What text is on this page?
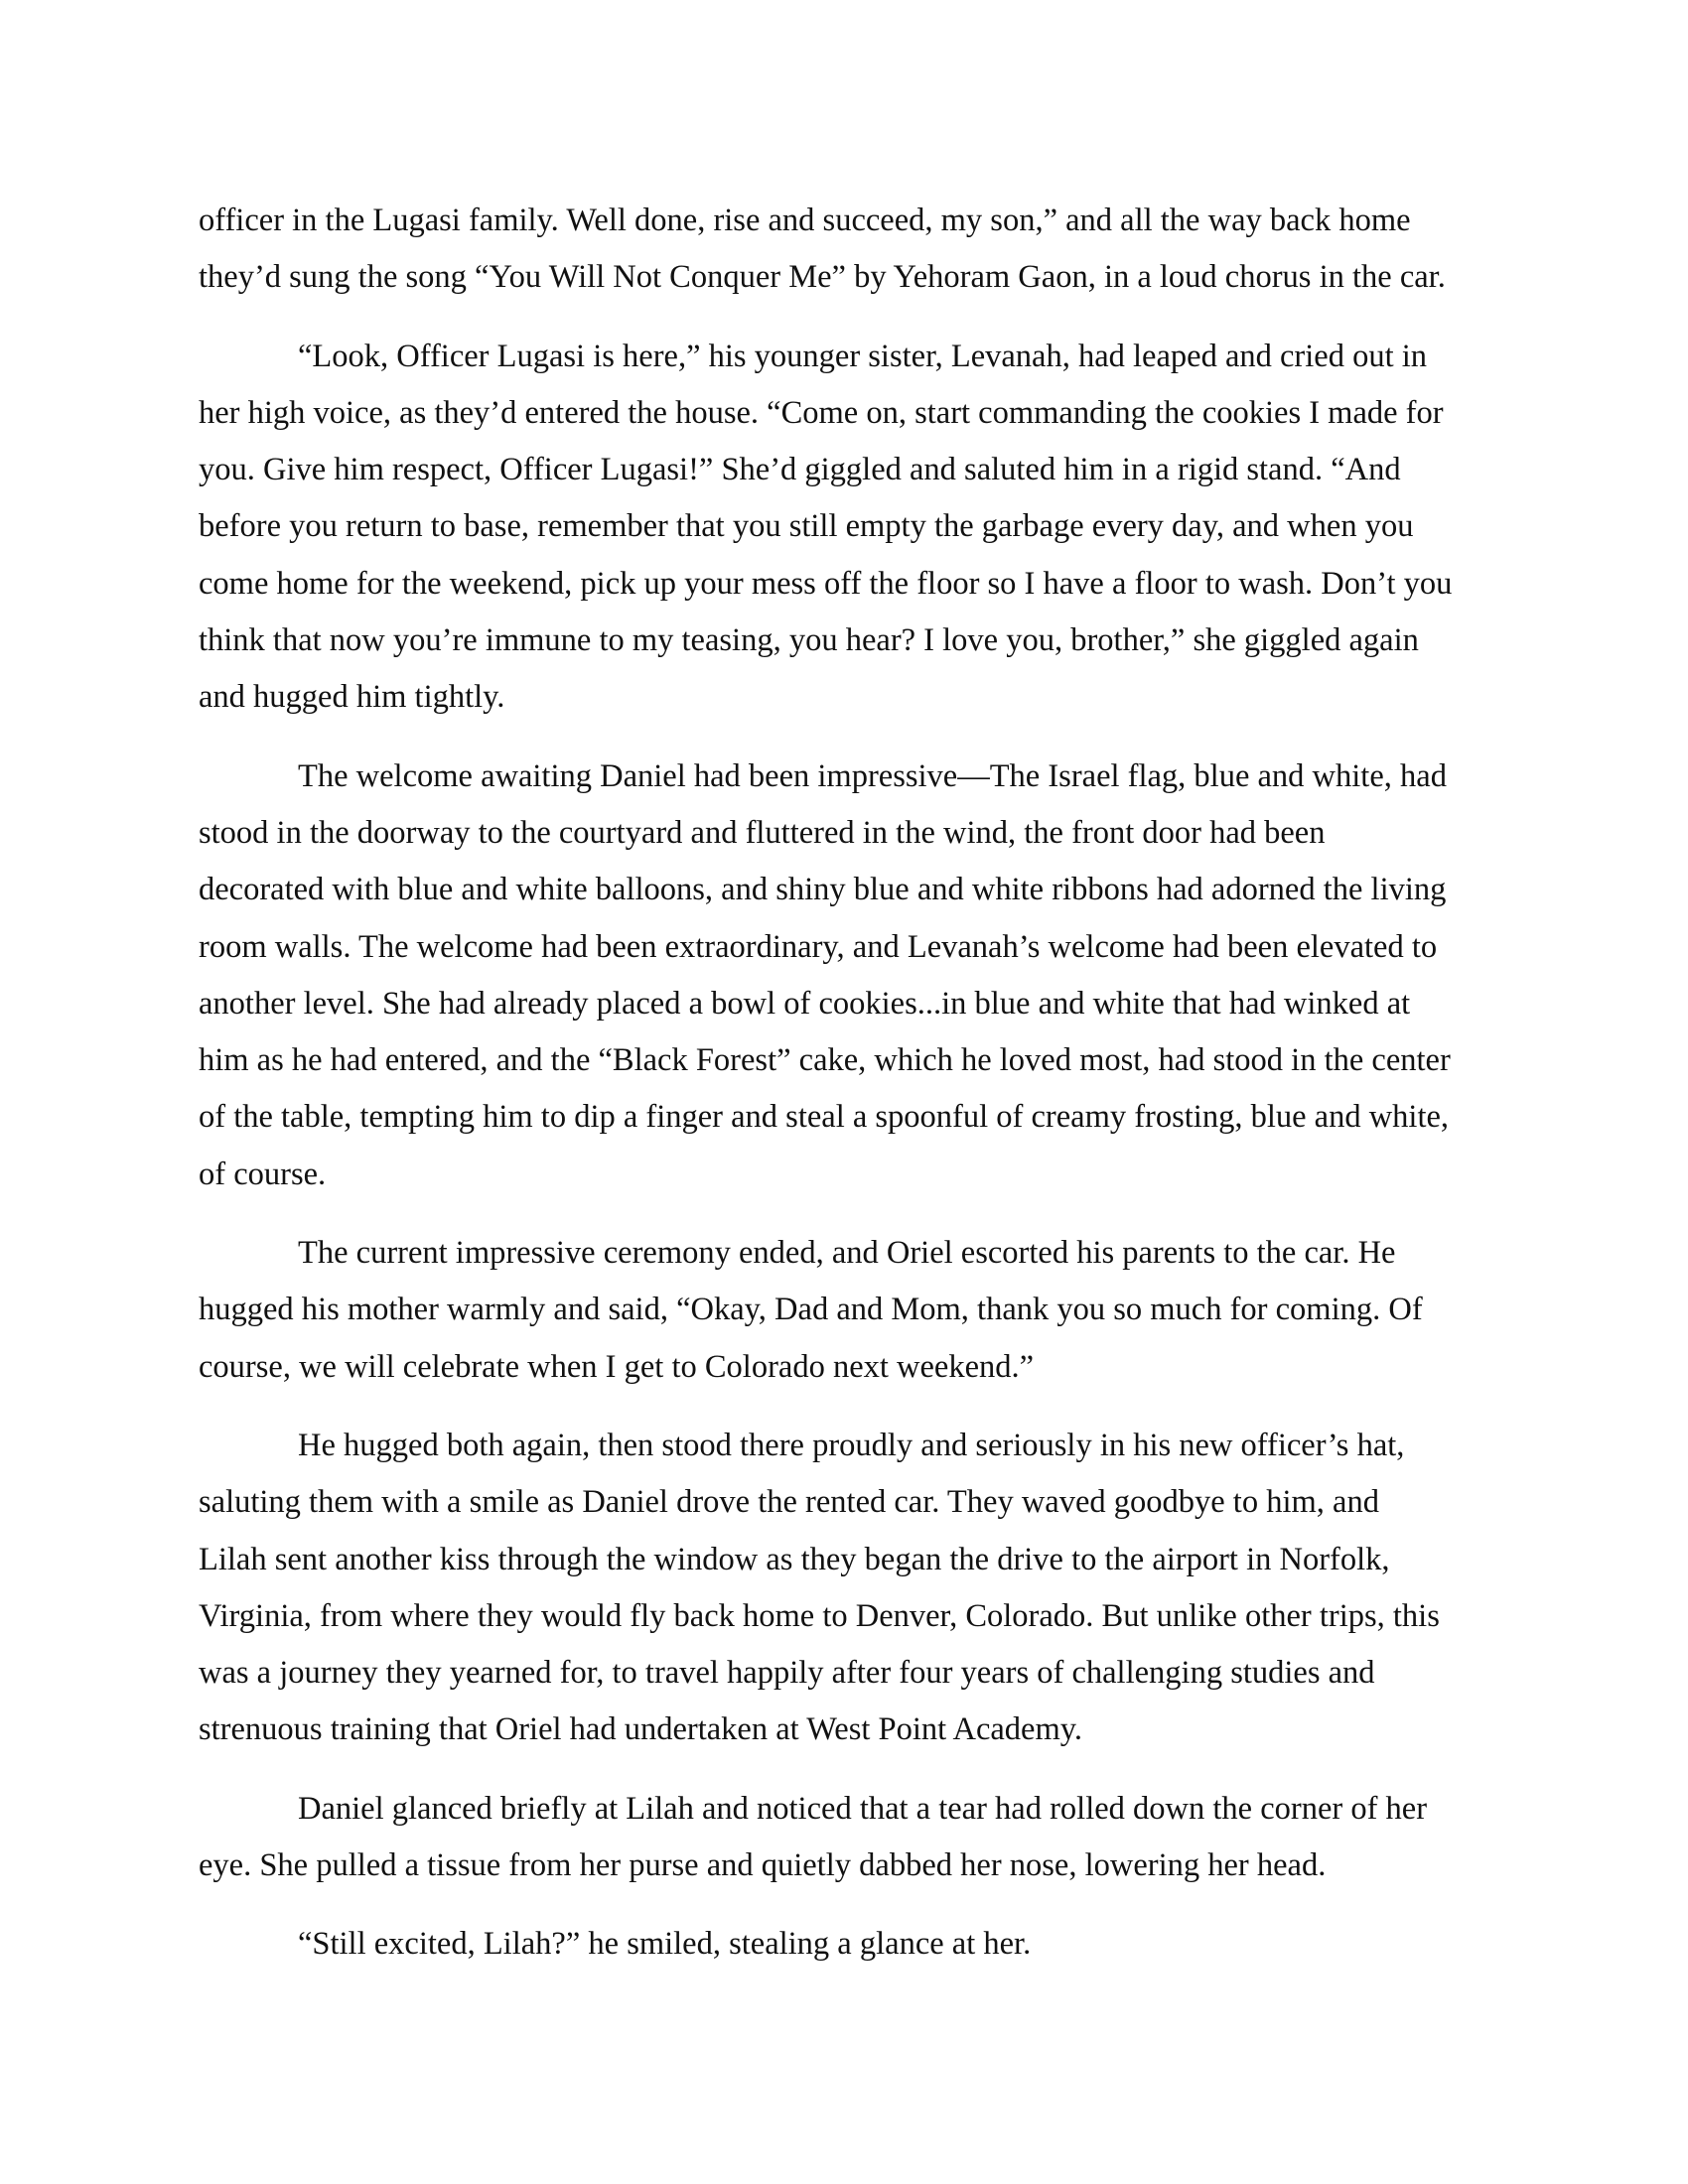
officer in the Lugasi family. Well done, rise and succeed, my son,” and all the way back home
they’d sung the song “You Will Not Conquer Me” by Yehoram Gaon, in a loud chorus in the car.

“Look, Officer Lugasi is here,” his younger sister, Levanah, had leaped and cried out in
her high voice, as they’d entered the house. “Come on, start commanding the cookies I made for
you. Give him respect, Officer Lugasi!” She’d giggled and saluted him in a rigid stand. “And
before you return to base, remember that you still empty the garbage every day, and when you
come home for the weekend, pick up your mess off the floor so I have a floor to wash. Don’t you
think that now you’re immune to my teasing, you hear? I love you, brother,” she giggled again
and hugged him tightly.

The welcome awaiting Daniel had been impressive—The Israel flag, blue and white, had
stood in the doorway to the courtyard and fluttered in the wind, the front door had been
decorated with blue and white balloons, and shiny blue and white ribbons had adorned the living
room walls. The welcome had been extraordinary, and Levanah’s welcome had been elevated to
another level. She had already placed a bowl of cookies...in blue and white that had winked at
him as he had entered, and the “Black Forest” cake, which he loved most, had stood in the center
of the table, tempting him to dip a finger and steal a spoonful of creamy frosting, blue and white,
of course.

The current impressive ceremony ended, and Oriel escorted his parents to the car. He
hugged his mother warmly and said, “Okay, Dad and Mom, thank you so much for coming. Of
course, we will celebrate when I get to Colorado next weekend.”

He hugged both again, then stood there proudly and seriously in his new officer’s hat,
saluting them with a smile as Daniel drove the rented car. They waved goodbye to him, and
Lilah sent another kiss through the window as they began the drive to the airport in Norfolk,
Virginia, from where they would fly back home to Denver, Colorado. But unlike other trips, this
was a journey they yearned for, to travel happily after four years of challenging studies and
strenuous training that Oriel had undertaken at West Point Academy.

Daniel glanced briefly at Lilah and noticed that a tear had rolled down the corner of her
eye. She pulled a tissue from her purse and quietly dabbed her nose, lowering her head.

“Still excited, Lilah?” he smiled, stealing a glance at her.
